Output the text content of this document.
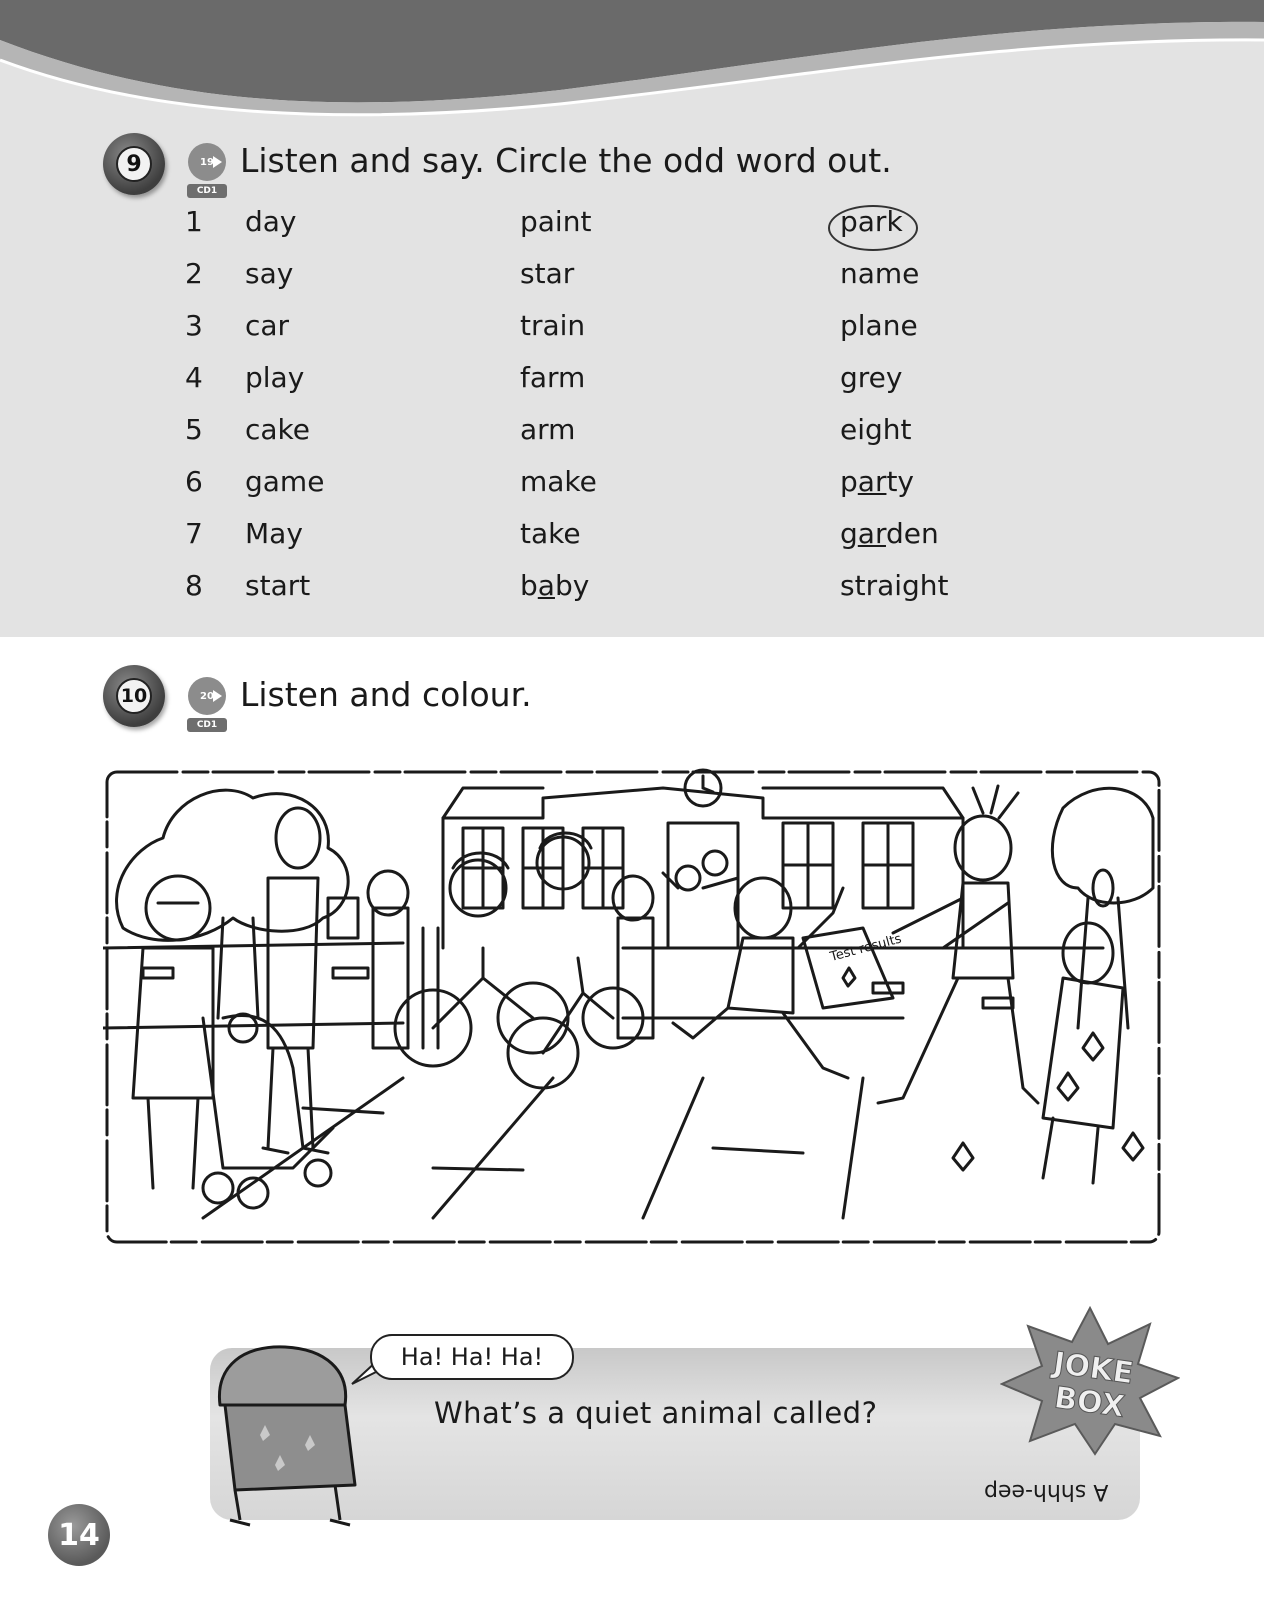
9	19
CD1
Listen and say. Circle the odd word out.
1 day	paint	park
2 say	star	name
3 car	train	plane
4 play	farm	grey
5 cake	arm	eight
6 game	make	party
7 May	take	garden
8 start	baby	straight
10	20
CD1
Listen and colour.
Test results
Ha! Ha! Ha!
What’s a quiet animal called?
A shhh-eep
JOKE
BOX
14
